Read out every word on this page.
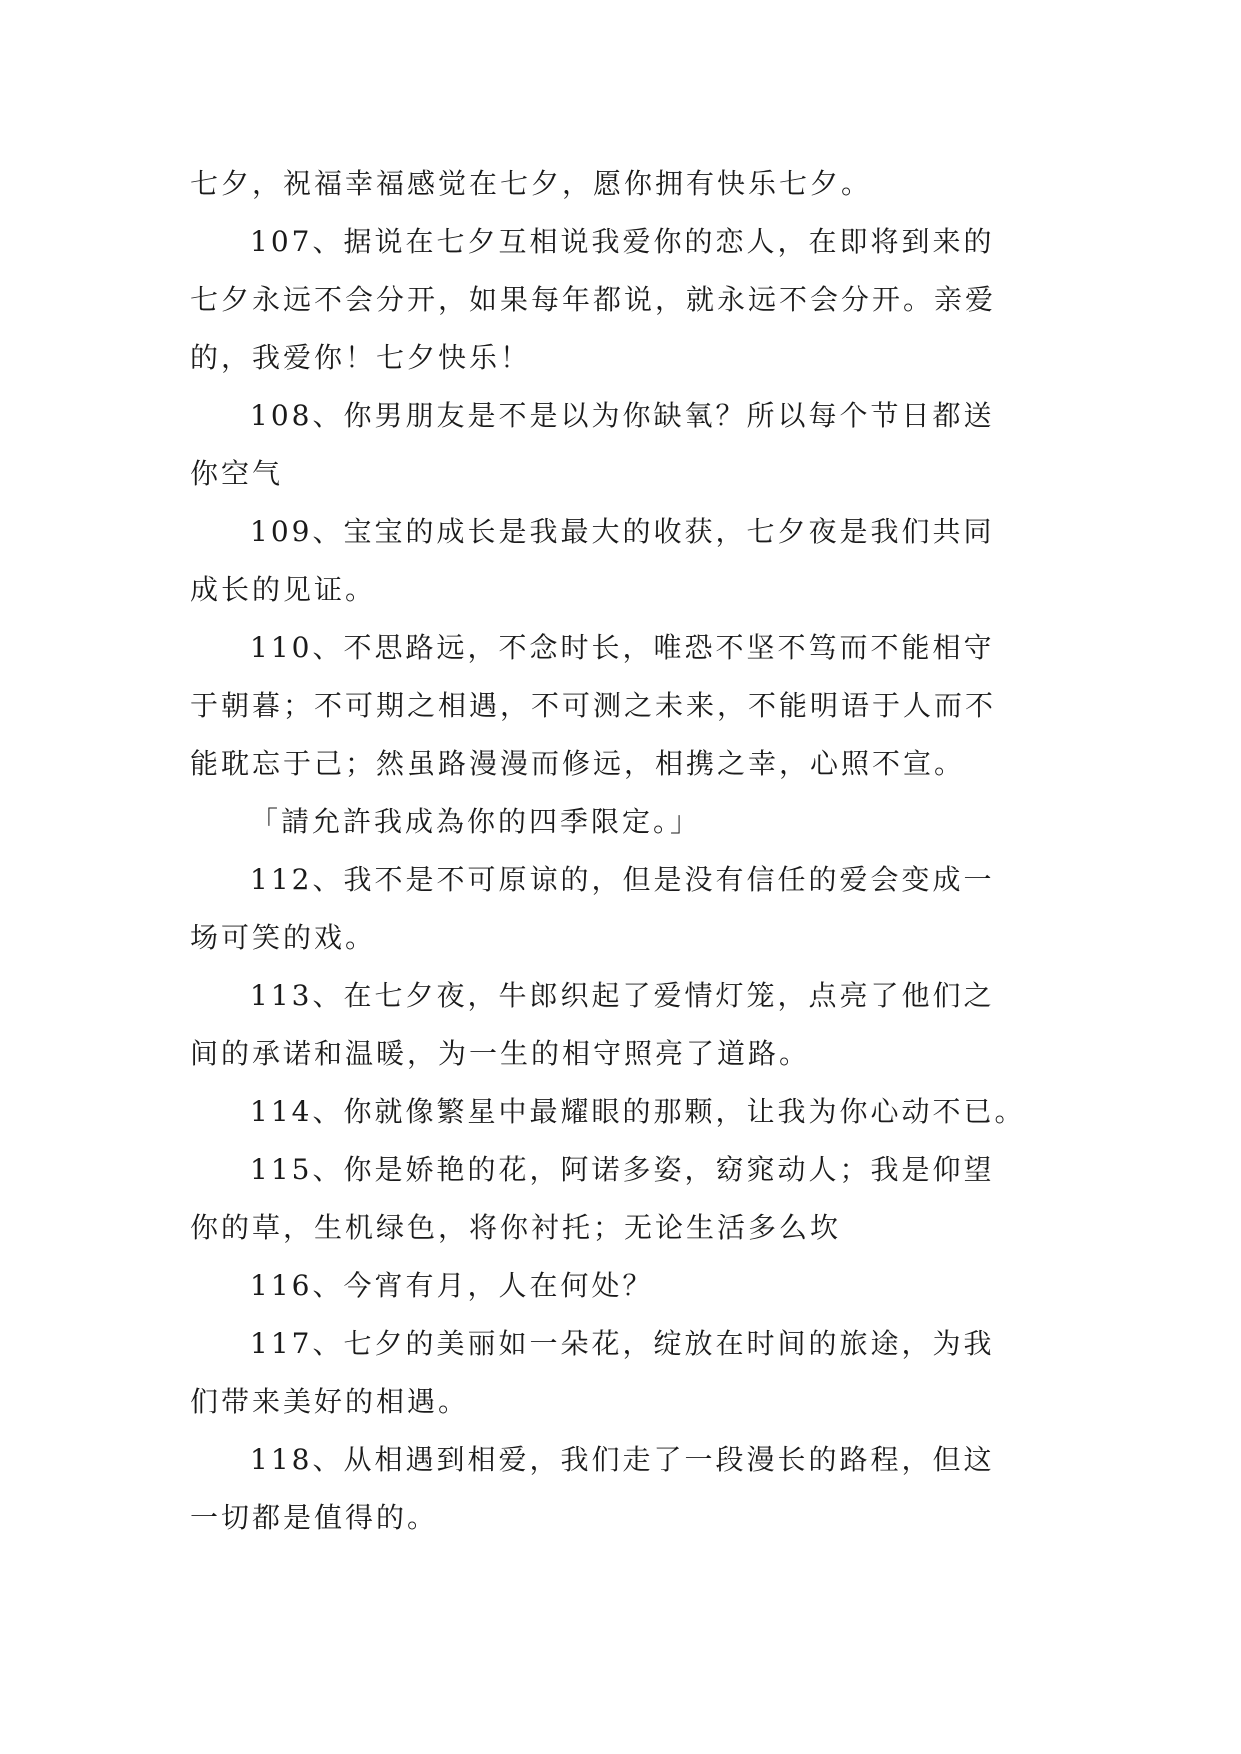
七夕，祝福幸福感觉在七夕，愿你拥有快乐七夕。

107、据说在七夕互相说我爱你的恋人，在即将到来的
七夕永远不会分开，如果每年都说，就永远不会分开。亲爱
的，我爱你！七夕快乐！

108、你男朋友是不是以为你缺氧？所以每个节日都送
你空气

109、宝宝的成长是我最大的收获，七夕夜是我们共同
成长的见证。

110、不思路远，不念时长，唯恐不坚不笃而不能相守
于朝暮；不可期之相遇，不可测之未来，不能明语于人而不
能耽忘于己；然虽路漫漫而修远，相携之幸，心照不宣。

「請允許我成為你的四季限定。」

112、我不是不可原谅的，但是没有信任的爱会变成一
场可笑的戏。

113、在七夕夜，牛郎织起了爱情灯笼，点亮了他们之
间的承诺和温暖，为一生的相守照亮了道路。

114、你就像繁星中最耀眼的那颗，让我为你心动不已。

115、你是娇艳的花，阿诺多姿，窈窕动人；我是仰望
你的草，生机绿色，将你衬托；无论生活多么坎

116、今宵有月，人在何处？

117、七夕的美丽如一朵花，绽放在时间的旅途，为我
们带来美好的相遇。

118、从相遇到相爱，我们走了一段漫长的路程，但这
一切都是值得的。
